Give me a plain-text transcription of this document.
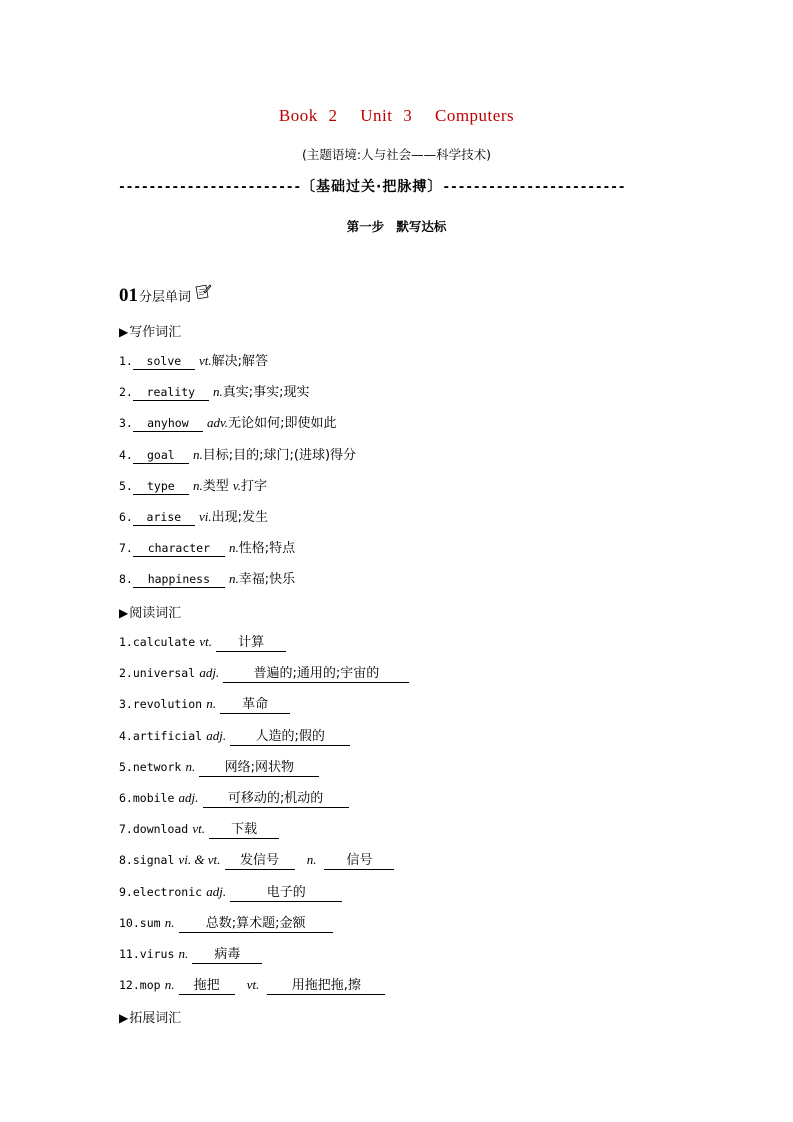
Book 2 Unit 3 Computers
(主题语境:人与社会——科学技术)
------------------------〔基础过关·把脉搏〕------------------------
第一步 默写达标
01 分层单词
▶写作词汇
1. solve vt.解决;解答
2. reality n.真实;事实;现实
3. anyhow adv.无论如何;即使如此
4. goal n.目标;目的;球门;(进球)得分
5. type n.类型 v.打字
6. arise vi.出现;发生
7. character n.性格;特点
8. happiness n.幸福;快乐
▶阅读词汇
1.calculate vt. 计算
2.universal adj.	普遍的;通用的;宇宙的
3.revolution n. 革命
4.artificial adj. 人造的;假的
5.network n. 网络;网状物
6.mobile adj. 可移动的;机动的
7.download vt. 下载
8.signal vi. & vt. 发信号 n. 信号
9.electronic adj.	电子的
10.sum n. 总数;算术题;金额
11.virus n. 病毒
12.mop n. 拖把 vt. 用拖把拖,擦
▶拓展词汇
